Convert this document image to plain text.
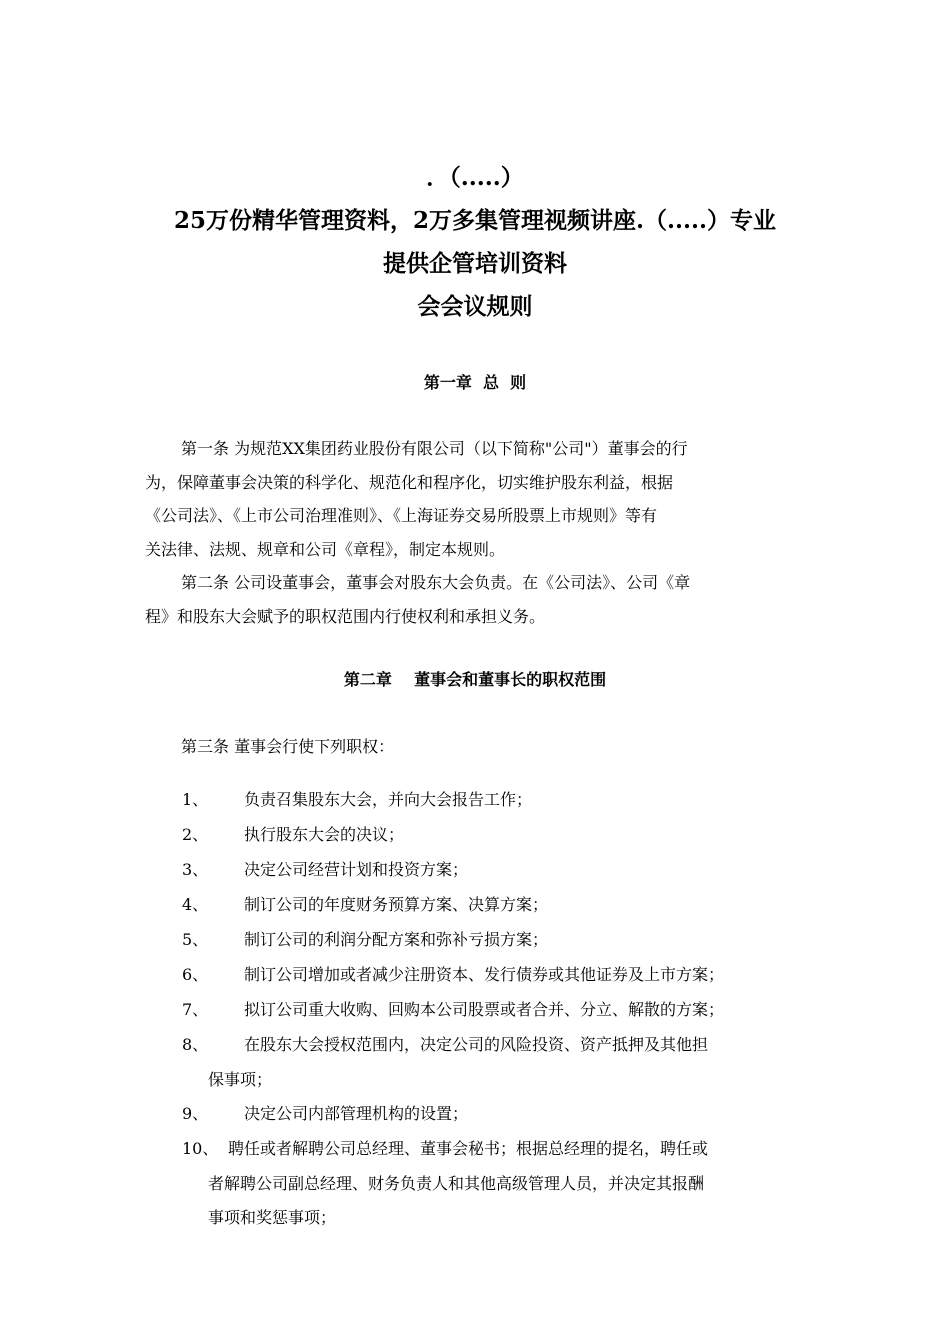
．（.....）
25万份精华管理资料，2万多集管理视频讲座.（.....）专业
提供企管培训资料
会会议规则
第一章  总  则
第一条 为规范XX集团药业股份有限公司（以下简称"公司"）董事会的行
为，保障董事会决策的科学化、规范化和程序化，切实维护股东利益，根据
《公司法》、《上市公司治理准则》、《上海证券交易所股票上市规则》等有
关法律、法规、规章和公司《章程》，制定本规则。
第二条 公司设董事会，董事会对股东大会负责。在《公司法》、公司《章
程》和股东大会赋予的职权范围内行使权利和承担义务。
第二章    董事会和董事长的职权范围
第三条 董事会行使下列职权：
1、 负责召集股东大会，并向大会报告工作；
2、 执行股东大会的决议；
3、 决定公司经营计划和投资方案；
4、 制订公司的年度财务预算方案、决算方案；
5、 制订公司的利润分配方案和弥补亏损方案；
6、 制订公司增加或者减少注册资本、发行债券或其他证券及上市方案；
7、 拟订公司重大收购、回购本公司股票或者合并、分立、解散的方案；
8、 在股东大会授权范围内，决定公司的风险投资、资产抵押及其他担
保事项；
9、 决定公司内部管理机构的设置；
10、 聘任或者解聘公司总经理、董事会秘书；根据总经理的提名，聘任或
者解聘公司副总经理、财务负责人和其他高级管理人员，并决定其报酬
事项和奖惩事项；
